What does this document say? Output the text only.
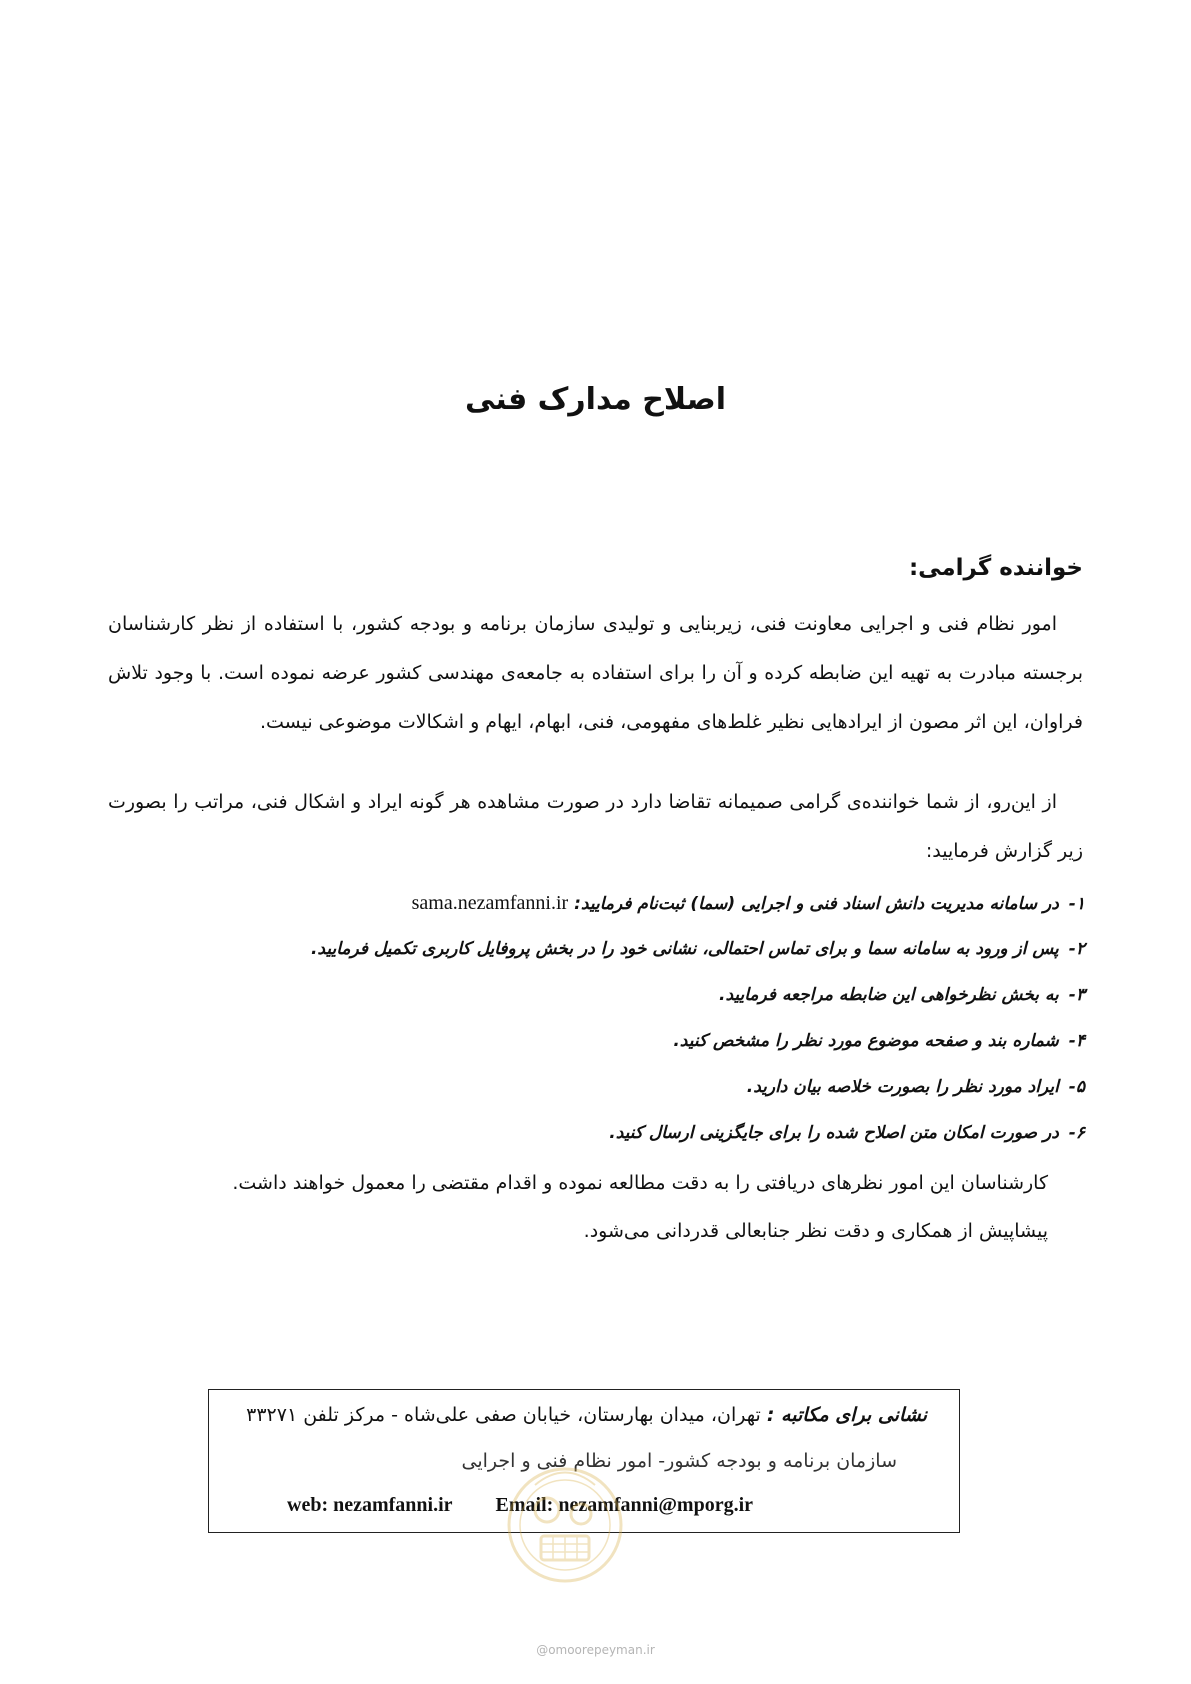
اصلاح مدارک فنی
خواننده گرامی:
امور نظام فنی و اجرایی معاونت فنی، زیربنایی و تولیدی سازمان برنامه و بودجه کشور، با استفاده از نظر کارشناسان برجسته مبادرت به تهیه این ضابطه کرده و آن را برای استفاده به جامعه‌ی مهندسی کشور عرضه نموده است. با وجود تلاش فراوان، این اثر مصون از ایرادهایی نظیر غلط‌های مفهومی، فنی، ابهام، ایهام و اشکالات موضوعی نیست.
از این‌رو، از شما خواننده‌ی گرامی صمیمانه تقاضا دارد در صورت مشاهده هر گونه ایراد و اشکال فنی، مراتب را بصورت زیر گزارش فرمایید:
۱-در سامانه مدیریت دانش اسناد فنی و اجرایی (سما) ثبت‌نام فرمایید: sama.nezamfanni.ir
۲-پس از ورود به سامانه سما و برای تماس احتمالی، نشانی خود را در بخش پروفایل کاربری تکمیل فرمایید.
۳-به بخش نظرخواهی این ضابطه مراجعه فرمایید.
۴-شماره بند و صفحه موضوع مورد نظر را مشخص کنید.
۵-ایراد مورد نظر را بصورت خلاصه بیان دارید.
۶-در صورت امکان متن اصلاح شده را برای جایگزینی ارسال کنید.
کارشناسان این امور نظرهای دریافتی را به دقت مطالعه نموده و اقدام مقتضی را معمول خواهند داشت.
پیشاپیش از همکاری و دقت نظر جنابعالی قدردانی می‌شود.
نشانی برای مکاتبه : تهران، میدان بهارستان، خیابان صفی علی‌شاه - مرکز تلفن ۳۳۲۷۱
سازمان برنامه و بودجه کشور- امور نظام فنی و اجرایی
web: nezamfanni.ir Email: nezamfanni@mporg.ir
@omoorepeyman.ir
